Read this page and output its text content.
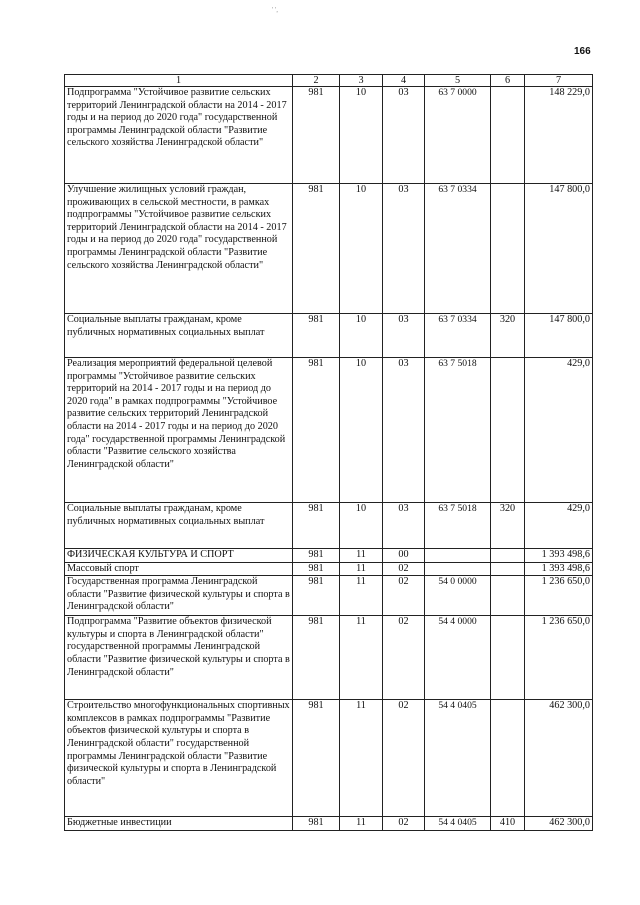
' ',
166
1	2	3	4	5	6	7
Подпрограмма "Устойчивое развитие сельских территорий Ленинградской области на 2014 - 2017 годы и на период до 2020 года" государственной программы Ленинградской области "Развитие сельского хозяйства Ленинградской области"	981	10	03	63 7 0000		148 229,0
Улучшение жилищных условий граждан, проживающих в сельской местности, в рамках подпрограммы "Устойчивое развитие сельских территорий Ленинградской области на 2014 - 2017 годы и на период до 2020 года" государственной программы Ленинградской области "Развитие сельского хозяйства Ленинградской области"	981	10	03	63 7 0334		147 800,0
Социальные выплаты гражданам, кроме публичных нормативных социальных выплат	981	10	03	63 7 0334	320	147 800,0
Реализация мероприятий федеральной целевой программы "Устойчивое развитие сельских территорий на 2014 - 2017 годы и на период до 2020 года" в рамках подпрограммы "Устойчивое развитие сельских территорий Ленинградской области на 2014 - 2017 годы и на период до 2020 года" государственной программы Ленинградской области "Развитие сельского хозяйства Ленинградской области"	981	10	03	63 7 5018		429,0
Социальные выплаты гражданам, кроме публичных нормативных социальных выплат	981	10	03	63 7 5018	320	429,0
ФИЗИЧЕСКАЯ КУЛЬТУРА И СПОРТ	981	11	00			1 393 498,6
Массовый спорт	981	11	02			1 393 498,6
Государственная программа Ленинградской области "Развитие физической культуры и спорта в Ленинградской области"	981	11	02	54 0 0000		1 236 650,0
Подпрограмма "Развитие объектов физической культуры и спорта в Ленинградской области" государственной программы Ленинградской области "Развитие физической культуры и спорта в Ленинградской области"	981	11	02	54 4 0000		1 236 650,0
Строительство многофункциональных спортивных комплексов в рамках подпрограммы "Развитие объектов физической культуры и спорта в Ленинградской области" государственной программы Ленинградской области "Развитие физической культуры и спорта в Ленинградской области"	981	11	02	54 4 0405		462 300,0
Бюджетные инвестиции	981	11	02	54 4 0405	410	462 300,0
